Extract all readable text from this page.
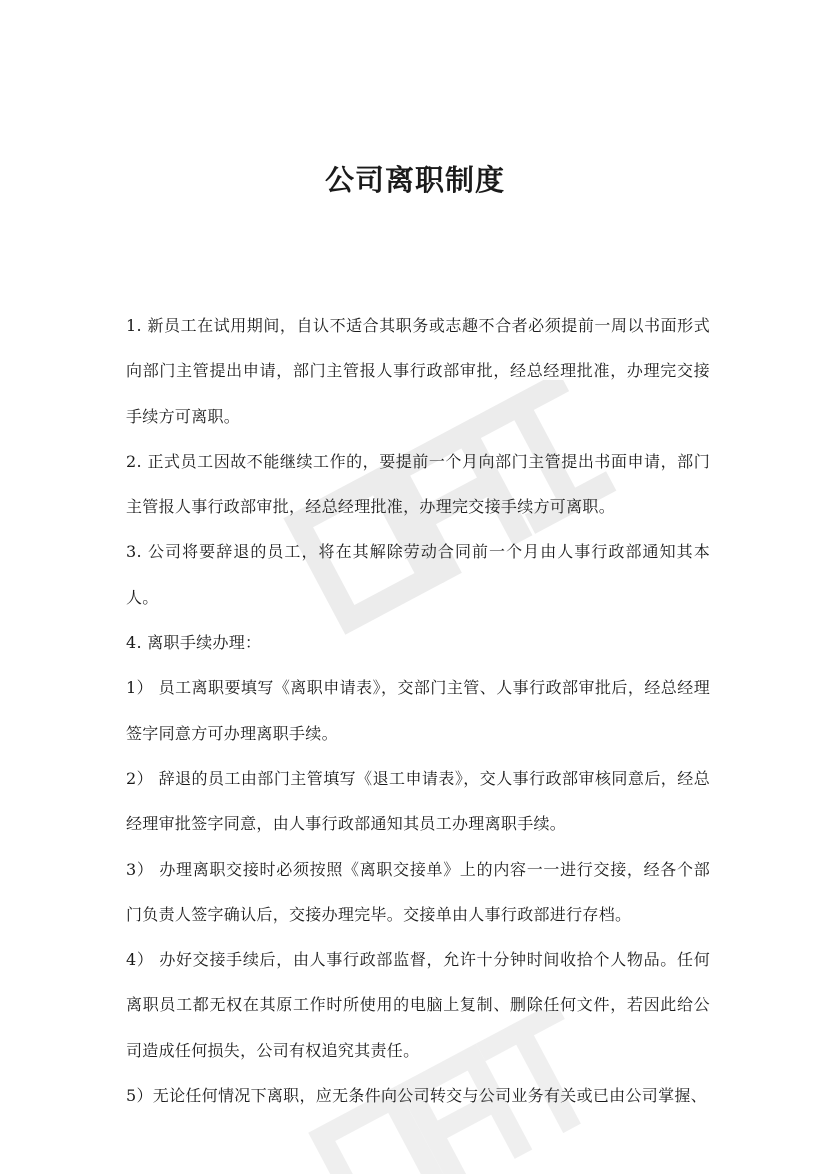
公司离职制度

1. 新员工在试用期间，自认不适合其职务或志趣不合者必须提前一周以书面形式向部门主管提出申请，部门主管报人事行政部审批，经总经理批准，办理完交接手续方可离职。

2. 正式员工因故不能继续工作的，要提前一个月向部门主管提出书面申请，部门主管报人事行政部审批，经总经理批准，办理完交接手续方可离职。

3. 公司将要辞退的员工，将在其解除劳动合同前一个月由人事行政部通知其本人。

4. 离职手续办理：

1） 员工离职要填写《离职申请表》，交部门主管、人事行政部审批后，经总经理签字同意方可办理离职手续。

2） 辞退的员工由部门主管填写《退工申请表》，交人事行政部审核同意后，经总经理审批签字同意，由人事行政部通知其员工办理离职手续。

3） 办理离职交接时必须按照《离职交接单》上的内容一一进行交接，经各个部门负责人签字确认后，交接办理完毕。交接单由人事行政部进行存档。

4） 办好交接手续后，由人事行政部监督，允许十分钟时间收拾个人物品。任何离职员工都无权在其原工作时所使用的电脑上复制、删除任何文件，若因此给公司造成任何损失，公司有权追究其责任。

5）无论任何情况下离职，应无条件向公司转交与公司业务有关或已由公司掌握、
